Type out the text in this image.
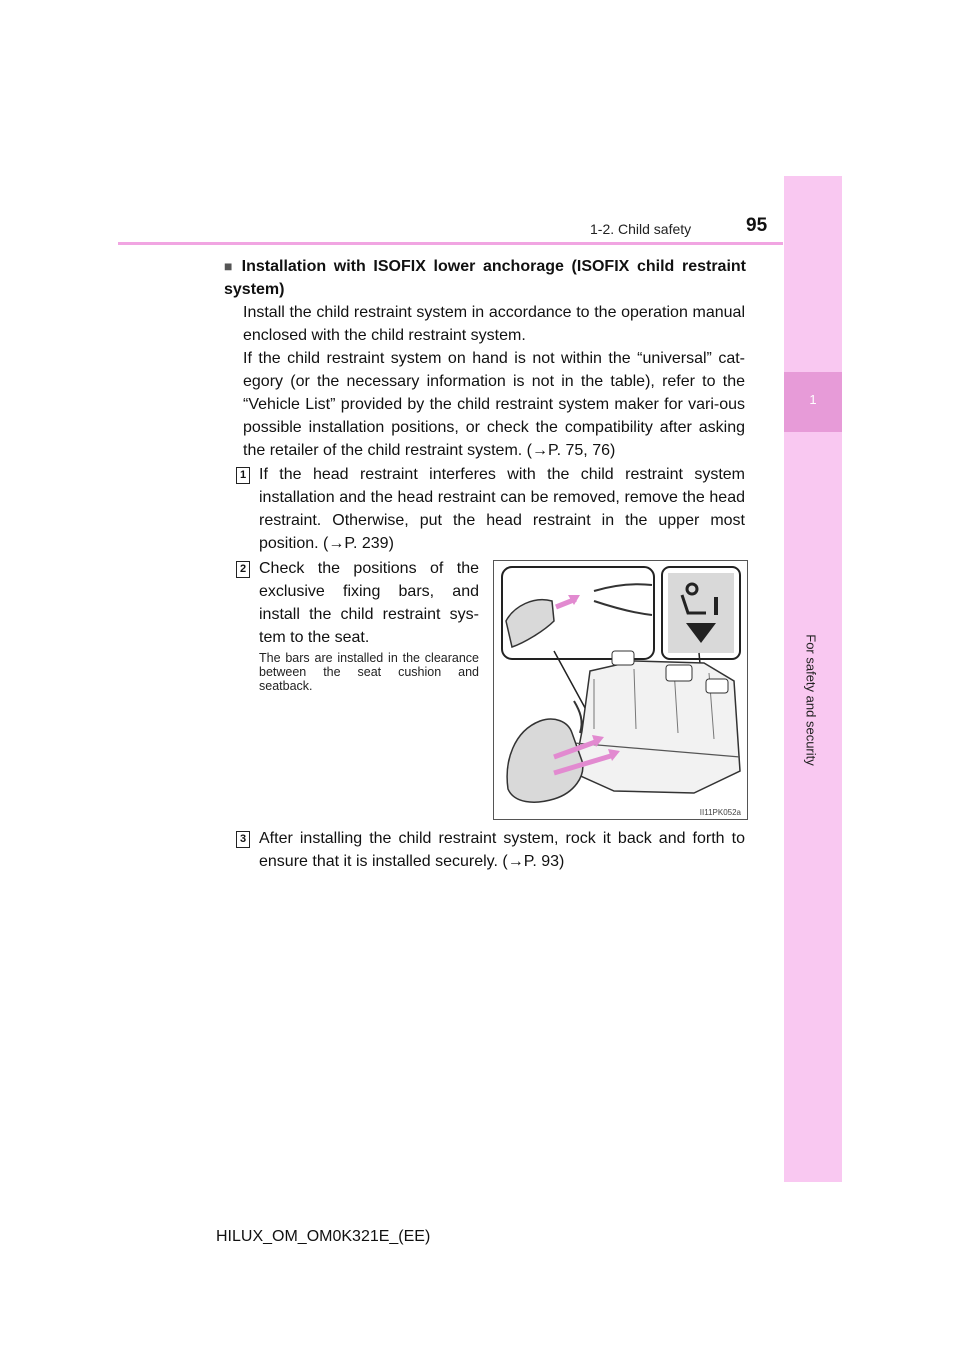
1
For safety and security
1-2. Child safety	95
■ Installation with ISOFIX lower anchorage (ISOFIX child restraint system)
Install the child restraint system in accordance to the operation manual enclosed with the child restraint system.
If the child restraint system on hand is not within the “universal” cat-egory (or the necessary information is not in the table), refer to the “Vehicle List” provided by the child restraint system maker for vari-ous possible installation positions, or check the compatibility after asking the retailer of the child restraint system. (→P. 75, 76)
1 If the head restraint interferes with the child restraint system installation and the head restraint can be removed, remove the head restraint. Otherwise, put the head restraint in the upper most position. (→P. 239)
2 Check the positions of the exclusive fixing bars, and install the child restraint sys-tem to the seat.
The bars are installed in the clearance between the seat cushion and seatback.
II11PK052a
3 After installing the child restraint system, rock it back and forth to ensure that it is installed securely. (→P. 93)
HILUX_OM_OM0K321E_(EE)
